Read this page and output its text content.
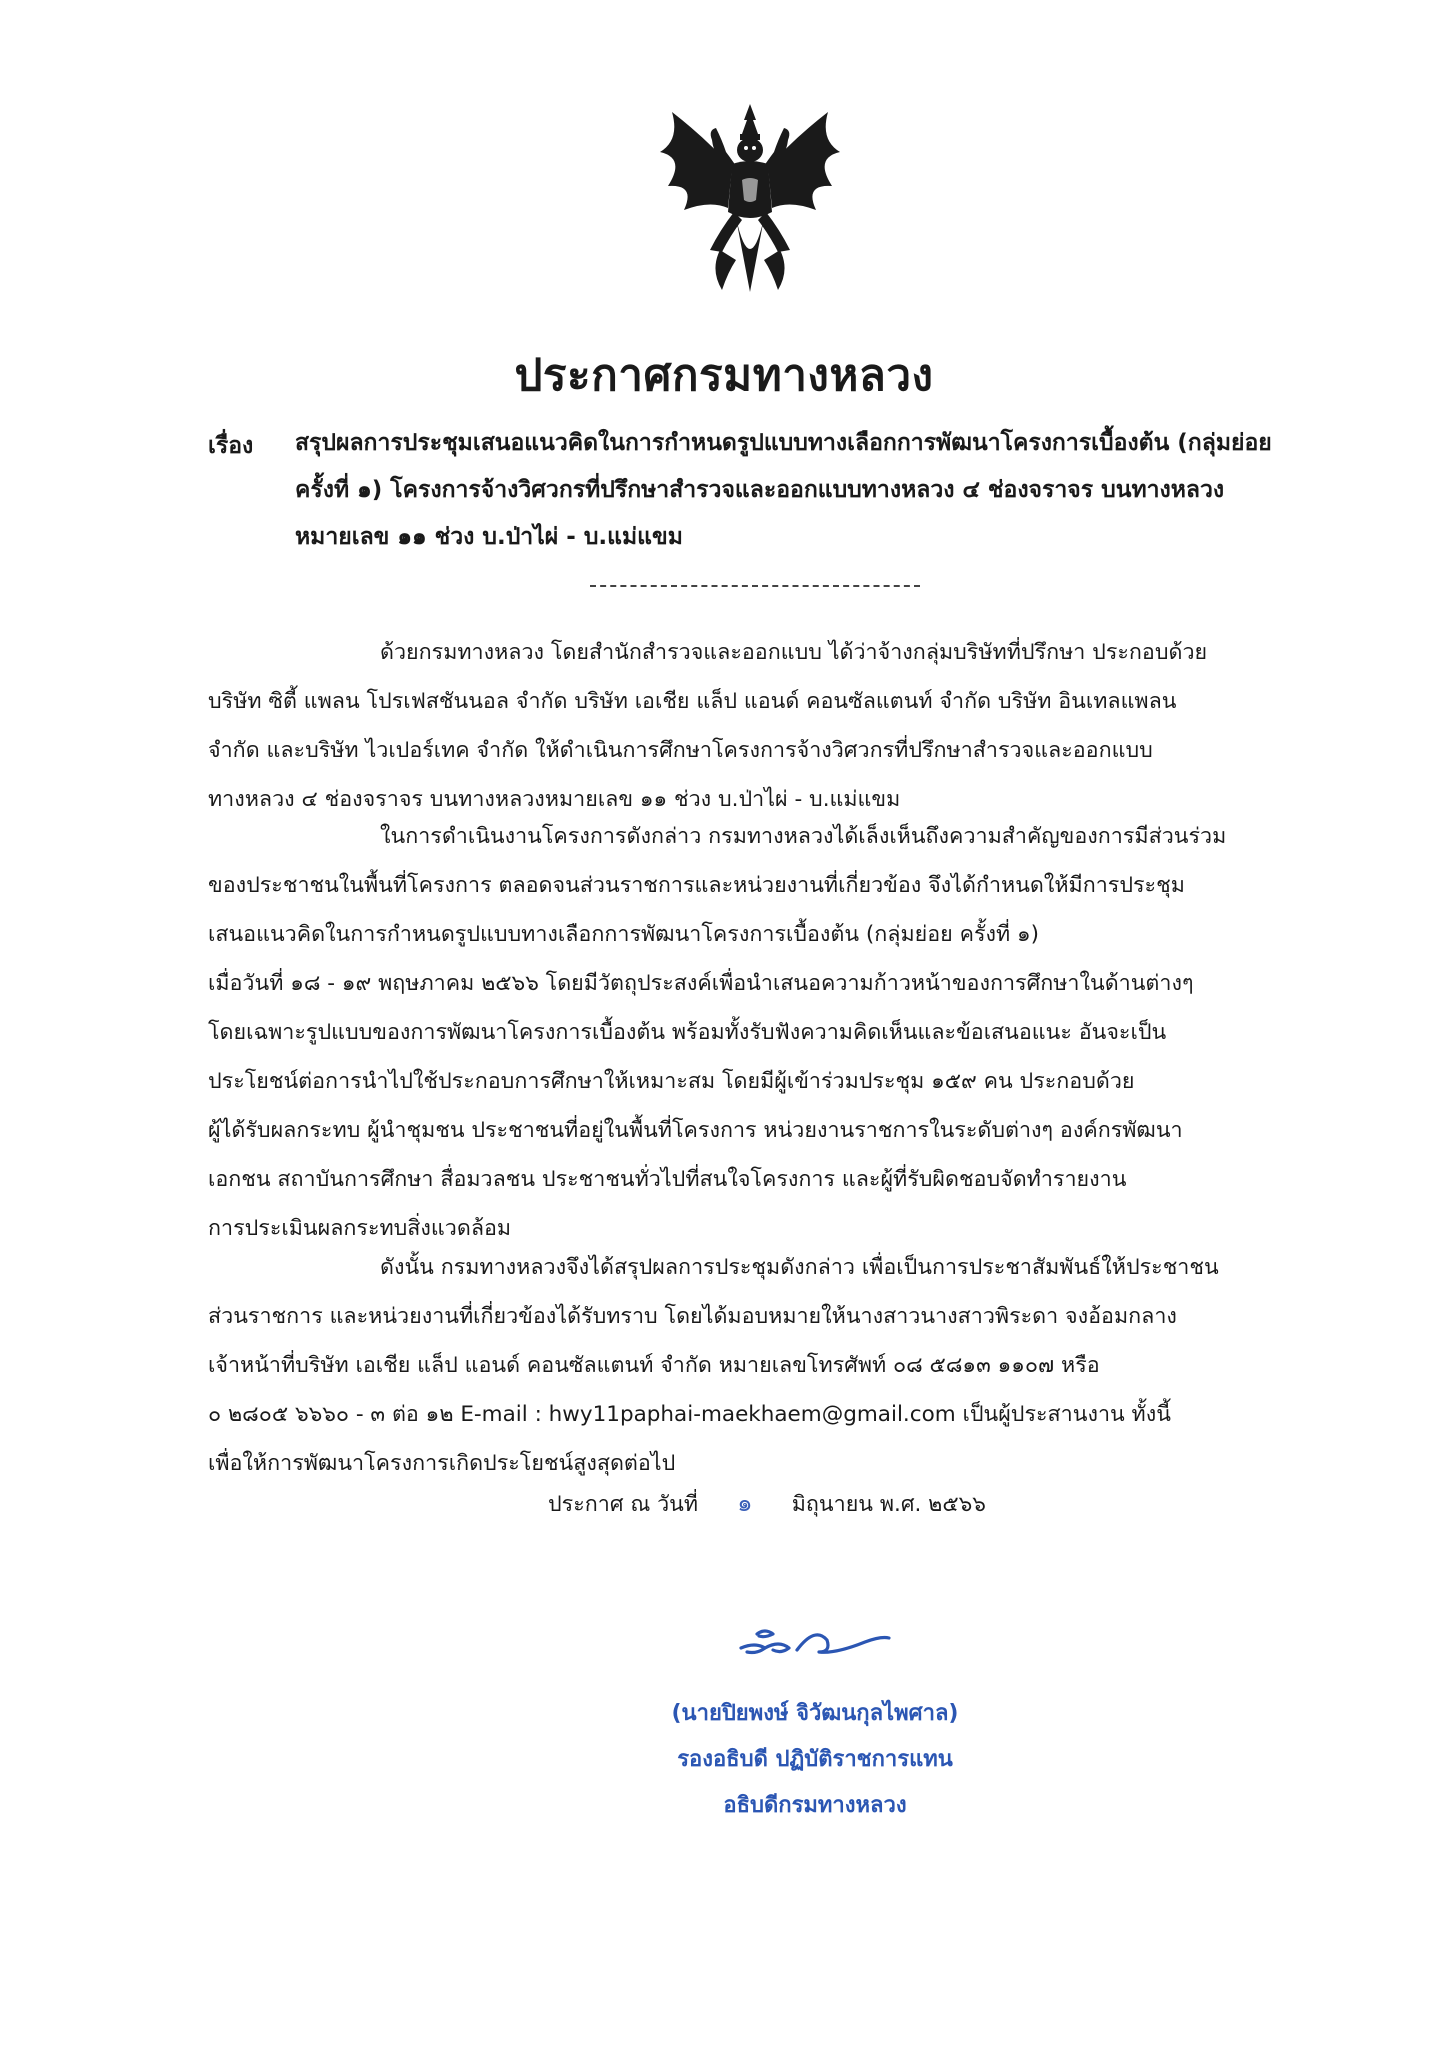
ประกาศกรมทางหลวง
เรื่อง สรุปผลการประชุมเสนอแนวคิดในการกำหนดรูปแบบทางเลือกการพัฒนาโครงการเบื้องต้น (กลุ่มย่อย
ครั้งที่ ๑) โครงการจ้างวิศวกรที่ปรึกษาสำรวจและออกแบบทางหลวง ๔ ช่องจราจร บนทางหลวง
หมายเลข ๑๑ ช่วง บ.ป่าไผ่ - บ.แม่แขม
ด้วยกรมทางหลวง โดยสำนักสำรวจและออกแบบ ได้ว่าจ้างกลุ่มบริษัทที่ปรึกษา ประกอบด้วย
บริษัท ซิตี้ แพลน โปรเฟสชันนอล จำกัด บริษัท เอเชีย แล็ป แอนด์ คอนซัลแตนท์ จำกัด บริษัท อินเทลแพลน
จำกัด และบริษัท ไวเปอร์เทค จำกัด ให้ดำเนินการศึกษาโครงการจ้างวิศวกรที่ปรึกษาสำรวจและออกแบบ
ทางหลวง ๔ ช่องจราจร บนทางหลวงหมายเลข ๑๑ ช่วง บ.ป่าไผ่ - บ.แม่แขม
ในการดำเนินงานโครงการดังกล่าว กรมทางหลวงได้เล็งเห็นถึงความสำคัญของการมีส่วนร่วม
ของประชาชนในพื้นที่โครงการ ตลอดจนส่วนราชการและหน่วยงานที่เกี่ยวข้อง จึงได้กำหนดให้มีการประชุม
เสนอแนวคิดในการกำหนดรูปแบบทางเลือกการพัฒนาโครงการเบื้องต้น (กลุ่มย่อย ครั้งที่ ๑)
เมื่อวันที่ ๑๘ - ๑๙ พฤษภาคม ๒๕๖๖ โดยมีวัตถุประสงค์เพื่อนำเสนอความก้าวหน้าของการศึกษาในด้านต่างๆ
โดยเฉพาะรูปแบบของการพัฒนาโครงการเบื้องต้น พร้อมทั้งรับฟังความคิดเห็นและข้อเสนอแนะ อันจะเป็น
ประโยชน์ต่อการนำไปใช้ประกอบการศึกษาให้เหมาะสม โดยมีผู้เข้าร่วมประชุม ๑๕๙ คน ประกอบด้วย
ผู้ได้รับผลกระทบ ผู้นำชุมชน ประชาชนที่อยู่ในพื้นที่โครงการ หน่วยงานราชการในระดับต่างๆ องค์กรพัฒนา
เอกชน สถาบันการศึกษา สื่อมวลชน ประชาชนทั่วไปที่สนใจโครงการ และผู้ที่รับผิดชอบจัดทำรายงาน
การประเมินผลกระทบสิ่งแวดล้อม
ดังนั้น กรมทางหลวงจึงได้สรุปผลการประชุมดังกล่าว เพื่อเป็นการประชาสัมพันธ์ให้ประชาชน
ส่วนราชการ และหน่วยงานที่เกี่ยวข้องได้รับทราบ โดยได้มอบหมายให้นางสาวนางสาวพิระดา จงอ้อมกลาง
เจ้าหน้าที่บริษัท เอเชีย แล็ป แอนด์ คอนซัลแตนท์ จำกัด หมายเลขโทรศัพท์ ๐๘ ๕๘๑๓ ๑๑๐๗ หรือ
๐ ๒๘๐๕ ๖๖๖๐ - ๓ ต่อ ๑๒ E-mail : hwy11paphai-maekhaem@gmail.com เป็นผู้ประสานงาน ทั้งนี้
เพื่อให้การพัฒนาโครงการเกิดประโยชน์สูงสุดต่อไป
ประกาศ ณ วันที่ ๑ มิถุนายน พ.ศ. ๒๕๖๖
(นายปิยพงษ์ จิวัฒนกุลไพศาล)
รองอธิบดี ปฏิบัติราชการแทน
อธิบดีกรมทางหลวง
